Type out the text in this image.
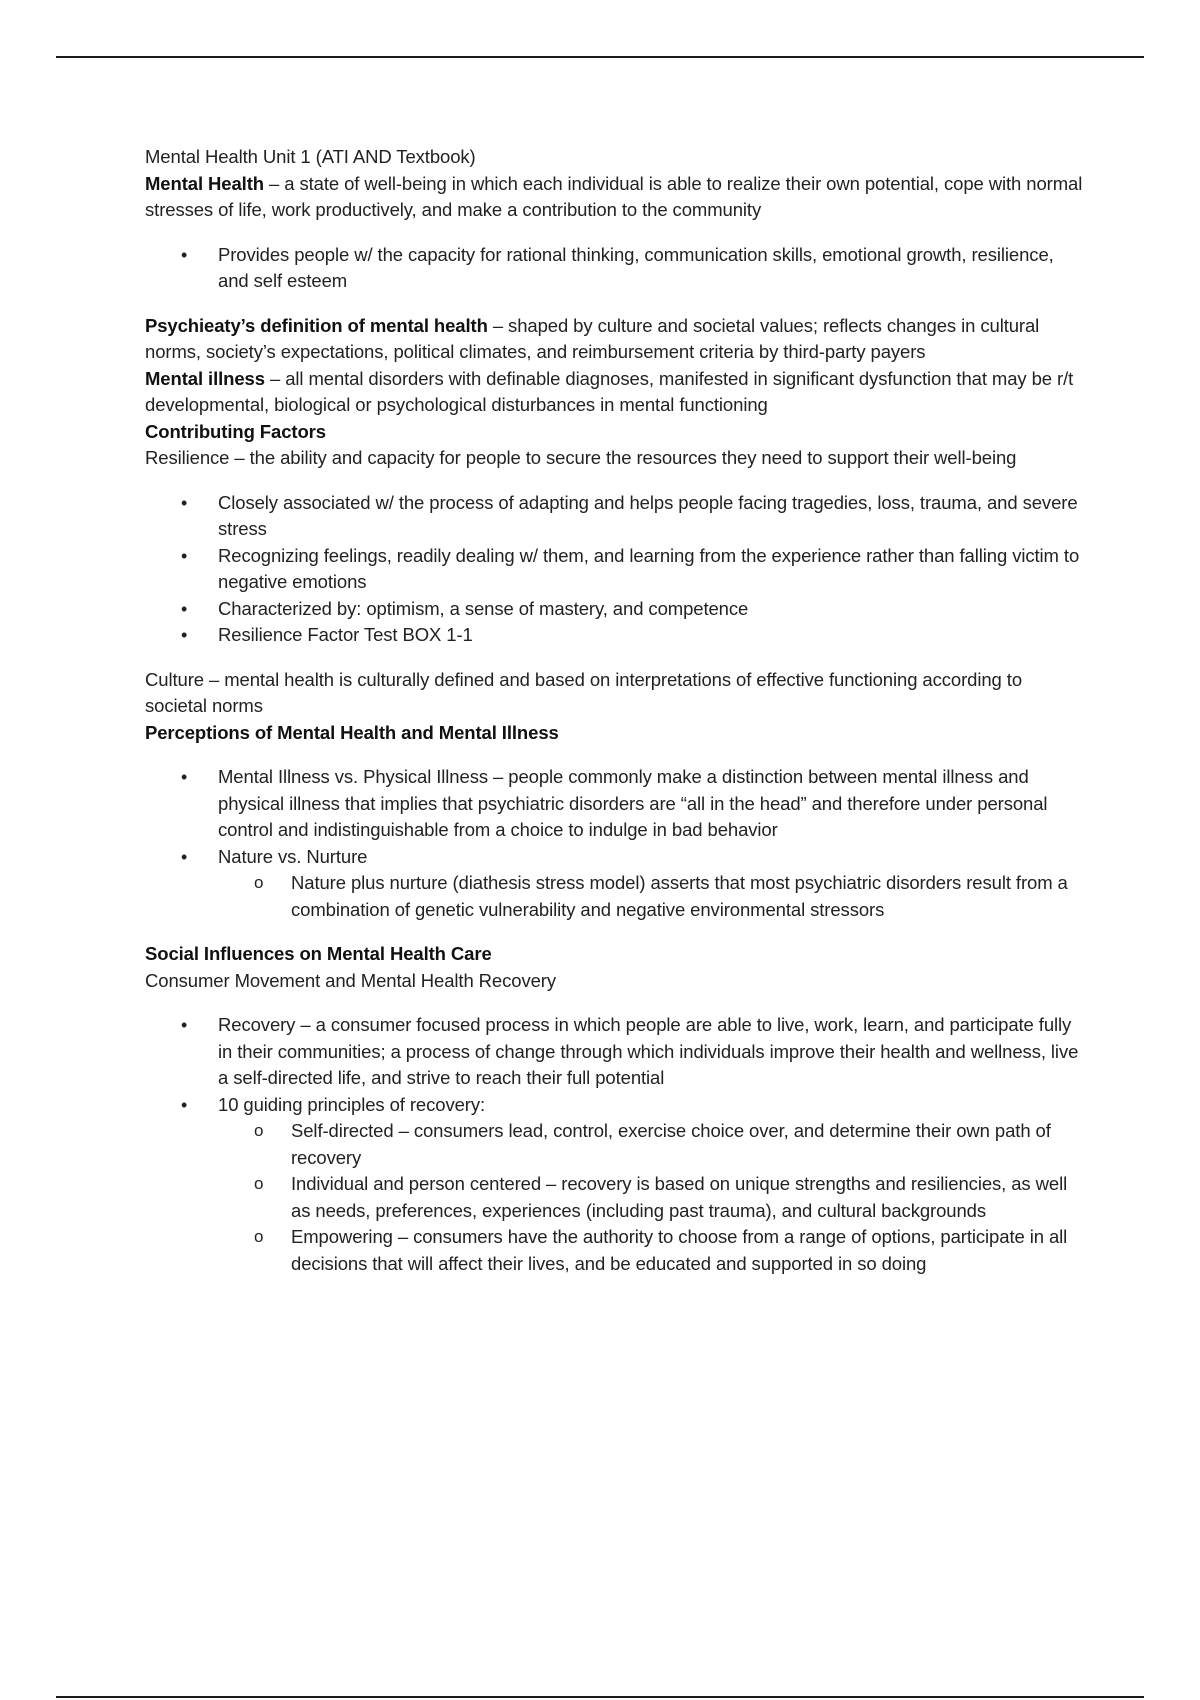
Mental Health Unit 1 (ATI AND Textbook)

Mental Health – a state of well-being in which each individual is able to realize their own potential, cope with normal stresses of life, work productively, and make a contribution to the community

• Provides people w/ the capacity for rational thinking, communication skills, emotional growth, resilience, and self esteem

Psychieaty’s definition of mental health – shaped by culture and societal values; reflects changes in cultural norms, society’s expectations, political climates, and reimbursement criteria by third-party payers

Mental illness – all mental disorders with definable diagnoses, manifested in significant dysfunction that may be r/t developmental, biological or psychological disturbances in mental functioning

Contributing Factors

Resilience – the ability and capacity for people to secure the resources they need to support their well-being

• Closely associated w/ the process of adapting and helps people facing tragedies, loss, trauma, and severe stress
• Recognizing feelings, readily dealing w/ them, and learning from the experience rather than falling victim to negative emotions
• Characterized by: optimism, a sense of mastery, and competence
• Resilience Factor Test BOX 1-1

Culture – mental health is culturally defined and based on interpretations of effective functioning according to societal norms

Perceptions of Mental Health and Mental Illness

• Mental Illness vs. Physical Illness – people commonly make a distinction between mental illness and physical illness that implies that psychiatric disorders are “all in the head” and therefore under personal control and indistinguishable from a choice to indulge in bad behavior
• Nature vs. Nurture
o Nature plus nurture (diathesis stress model) asserts that most psychiatric disorders result from a combination of genetic vulnerability and negative environmental stressors

Social Influences on Mental Health Care

Consumer Movement and Mental Health Recovery

• Recovery – a consumer focused process in which people are able to live, work, learn, and participate fully in their communities; a process of change through which individuals improve their health and wellness, live a self-directed life, and strive to reach their full potential
• 10 guiding principles of recovery:
o Self-directed – consumers lead, control, exercise choice over, and determine their own path of recovery
o Individual and person centered – recovery is based on unique strengths and resiliencies, as well as needs, preferences, experiences (including past trauma), and cultural backgrounds
o Empowering – consumers have the authority to choose from a range of options, participate in all decisions that will affect their lives, and be educated and supported in so doing
